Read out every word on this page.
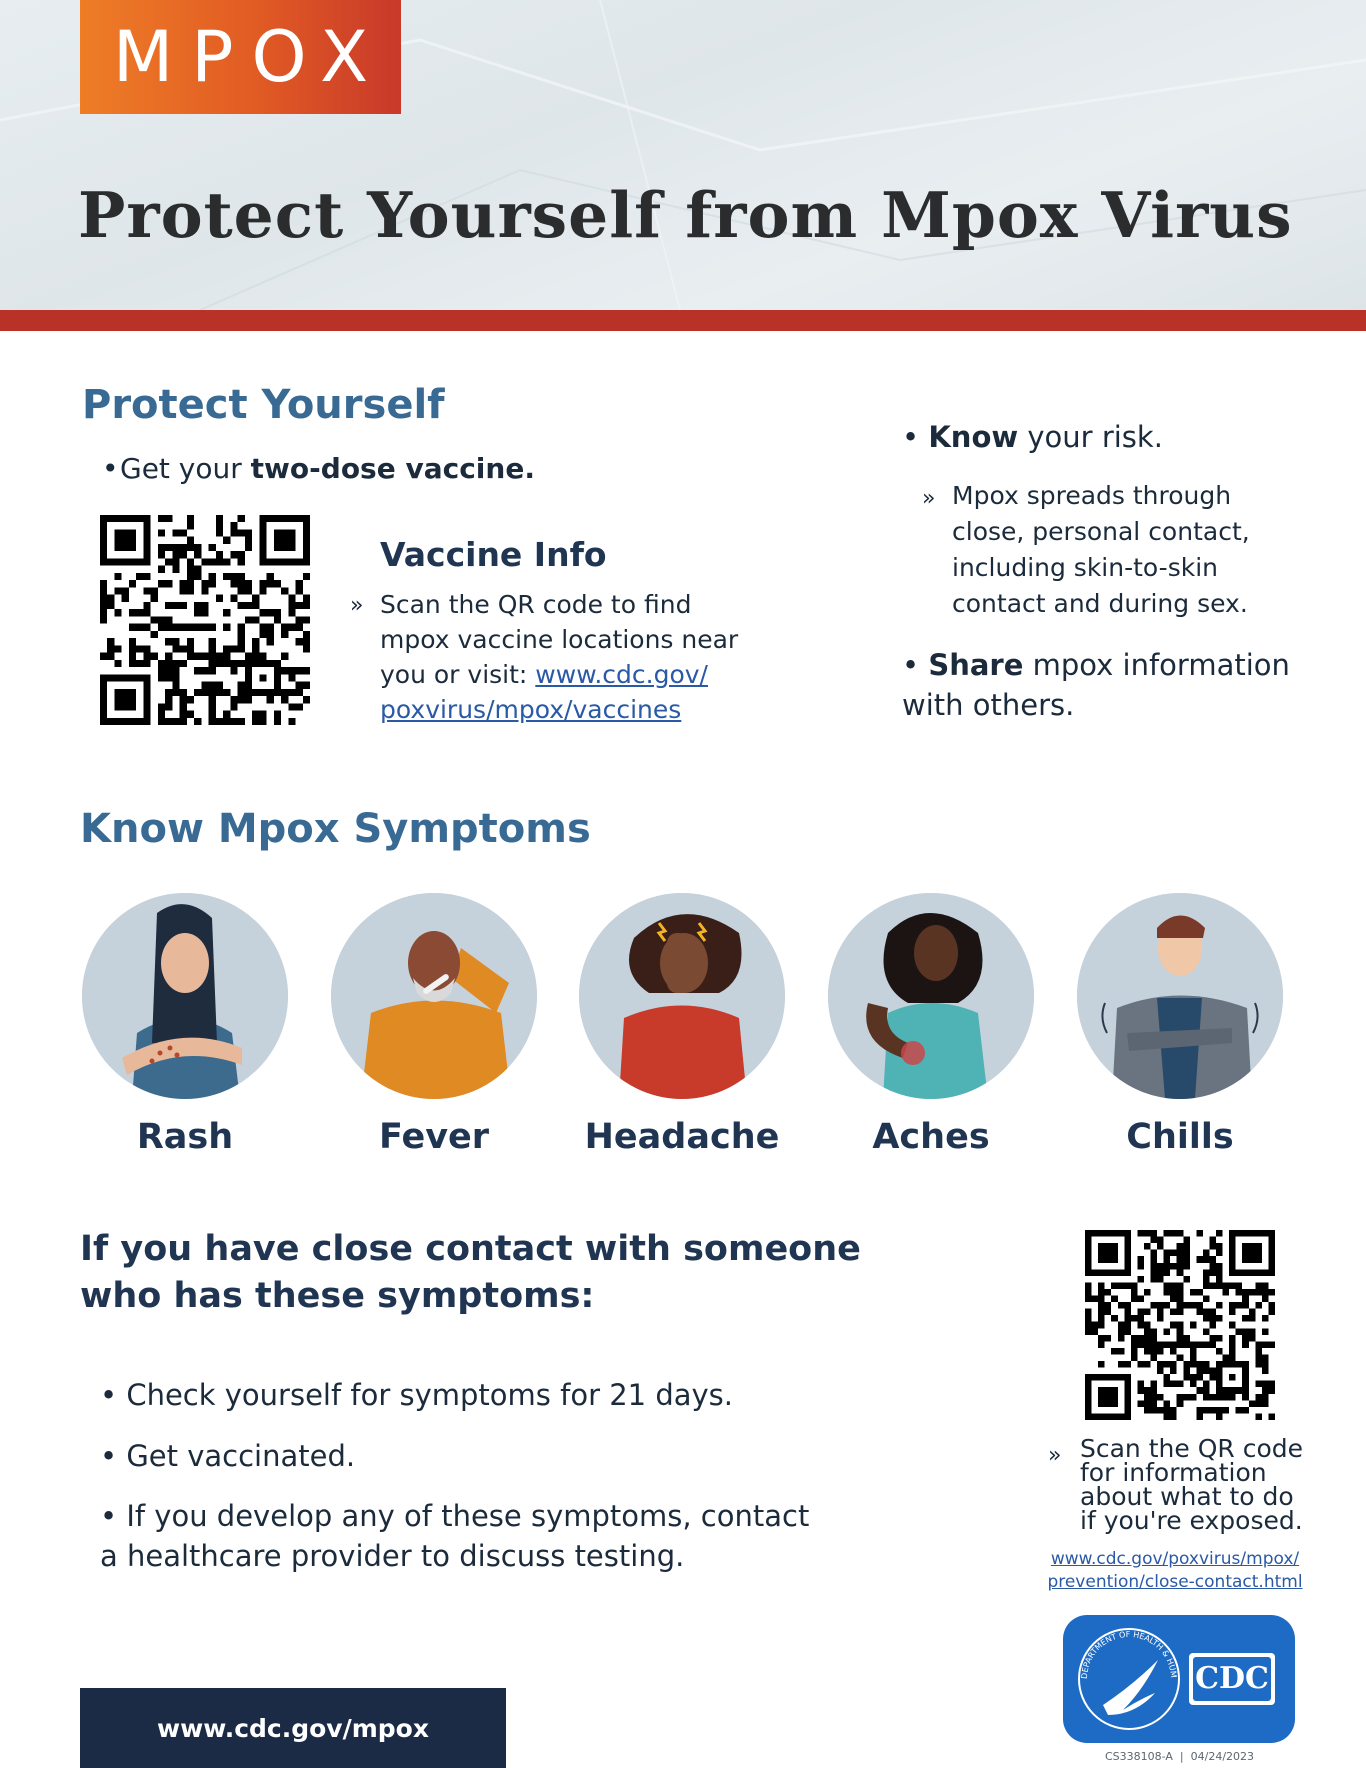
MPOX
Protect Yourself from Mpox Virus
Protect Yourself
•Get your two-dose vaccine.
Vaccine Info
» Scan the QR code to find mpox vaccine locations near you or visit: www.cdc.gov/ poxvirus/mpox/vaccines
• Know your risk.
» Mpox spreads through close, personal contact, including skin-to-skin contact and during sex.
• Share mpox information with others.
Know Mpox Symptoms
Rash	Fever	Headache	Aches	Chills
If you have close contact with someone who has these symptoms:
• Check yourself for symptoms for 21 days.
• Get vaccinated.
• If you develop any of these symptoms, contact a healthcare provider to discuss testing.
» Scan the QR code for information about what to do if you're exposed.
www.cdc.gov/poxvirus/mpox/ prevention/close-contact.html
DEPARTMENT OF HEALTH & HUM CDC
CS338108-A | 04/24/2023
www.cdc.gov/mpox
